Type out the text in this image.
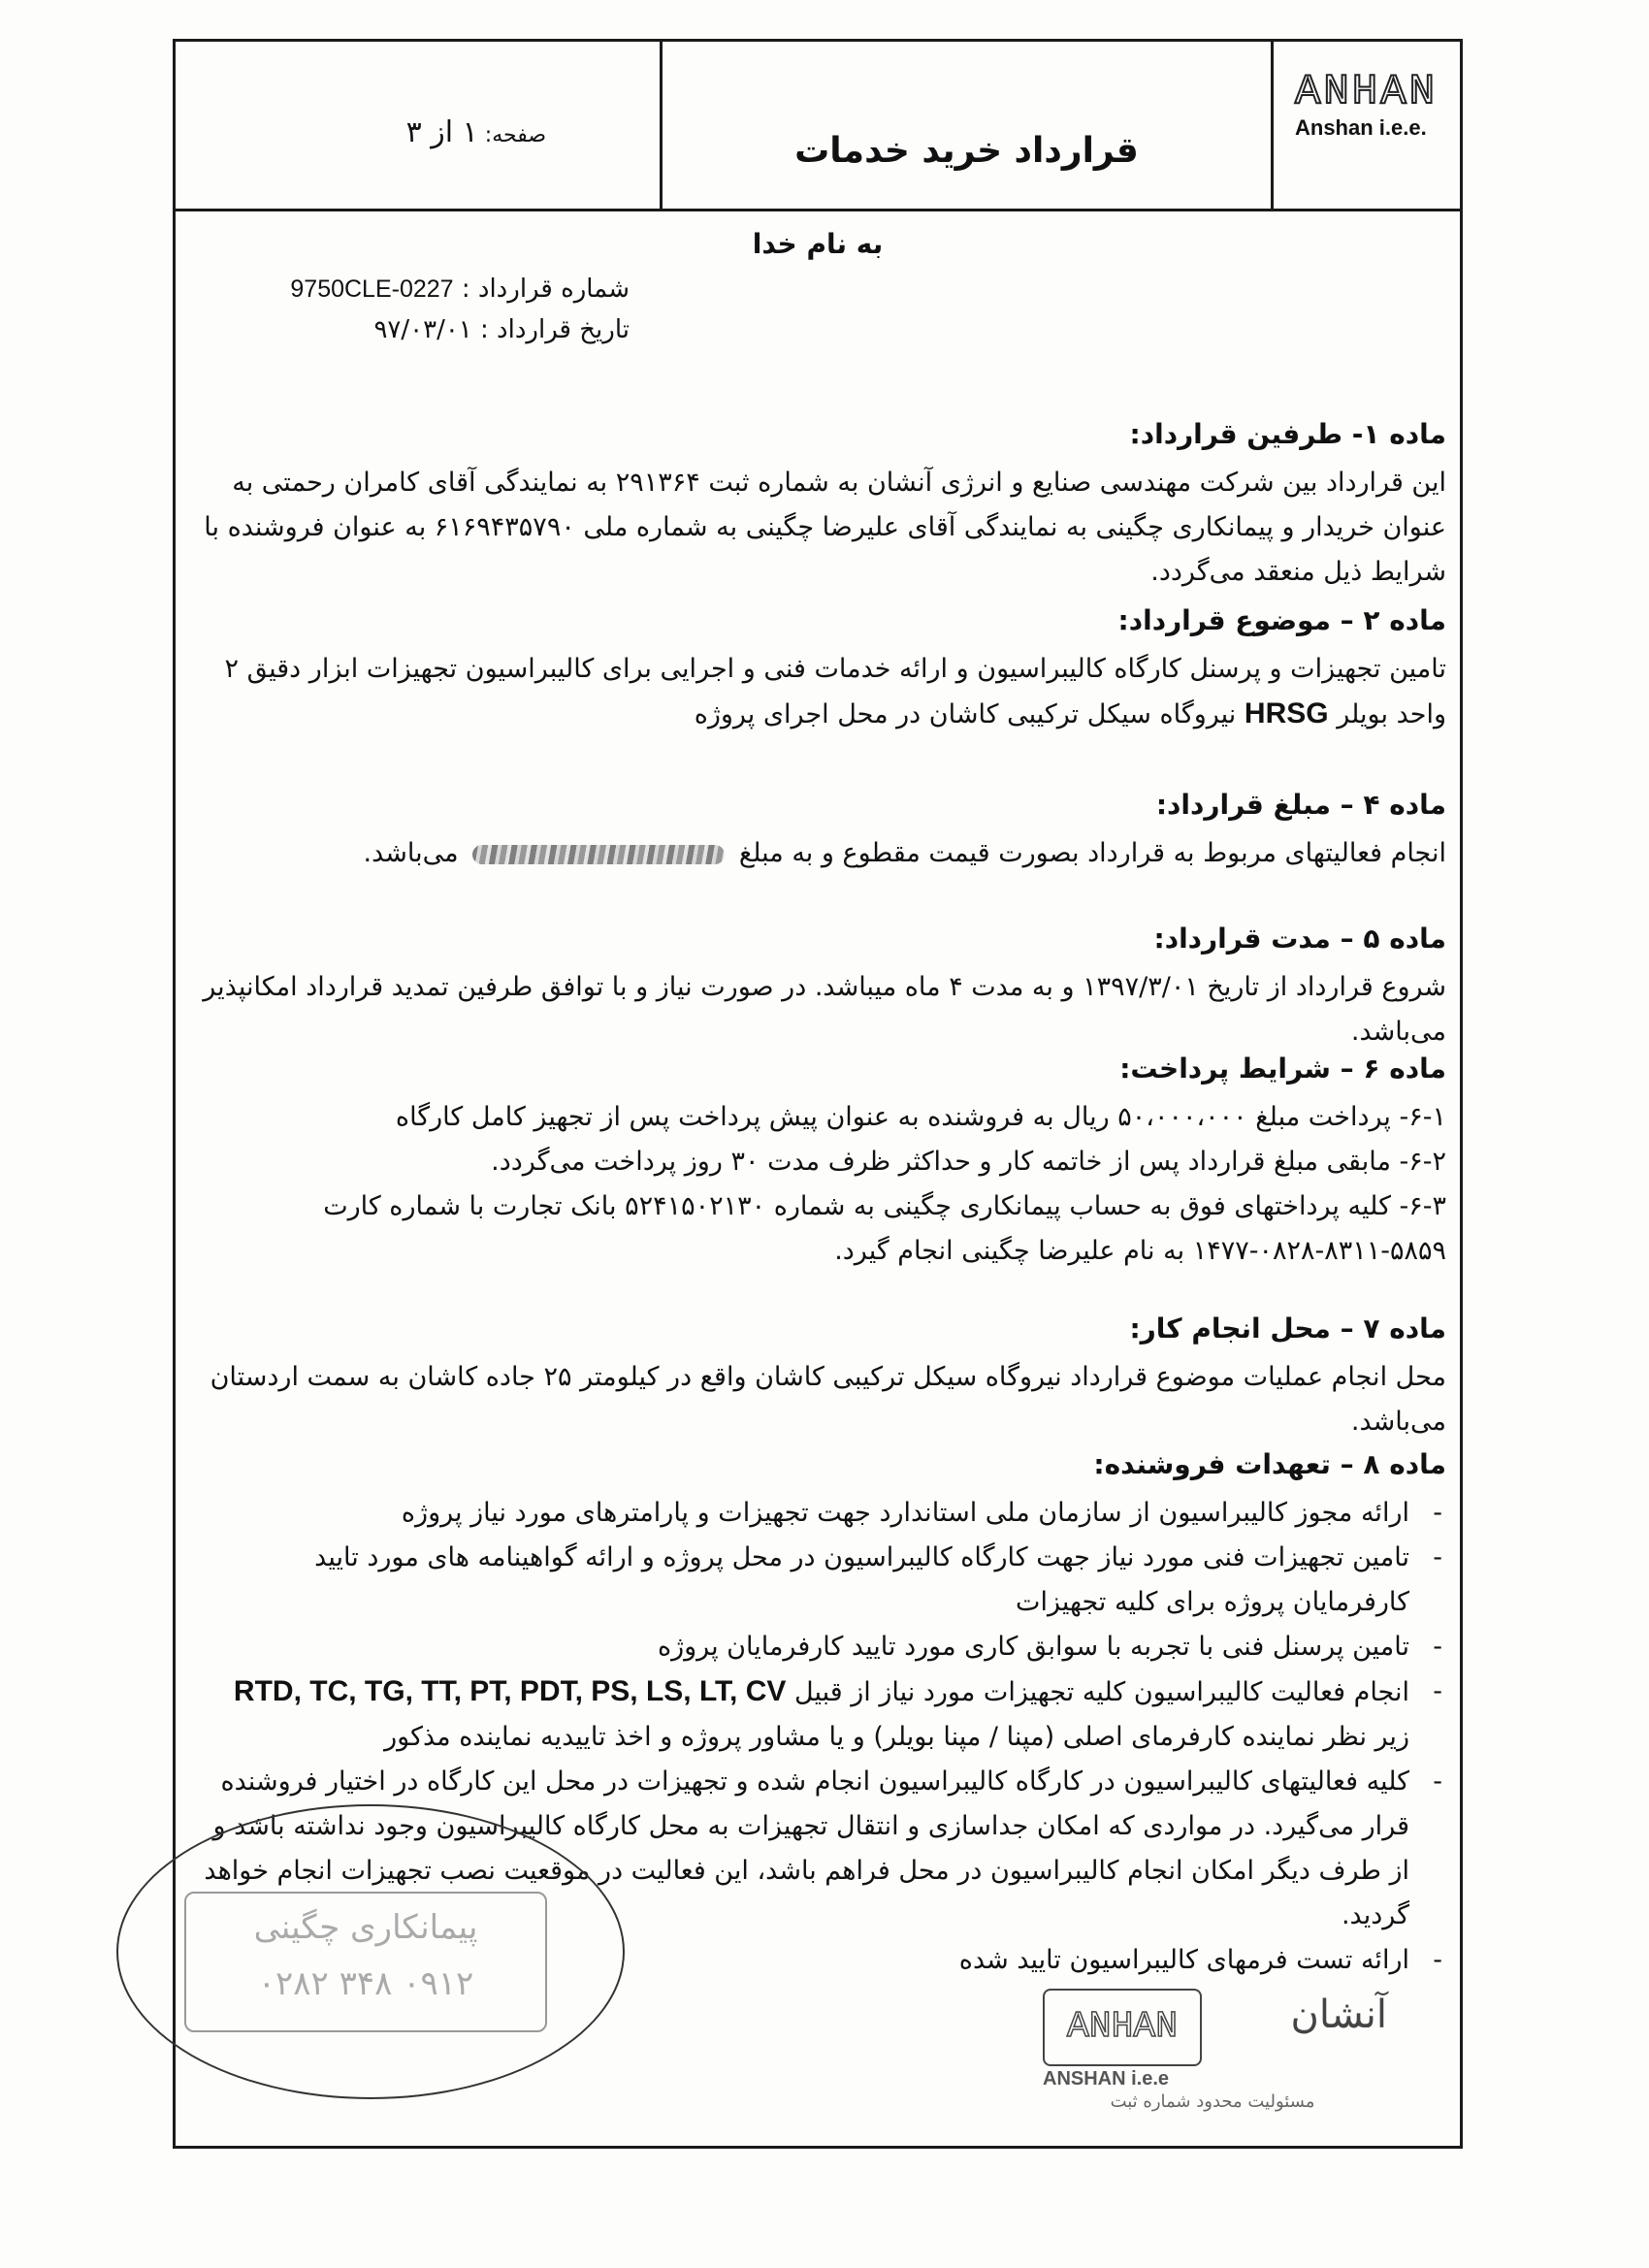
ANHAN
Anshan i.e.e.
قرارداد خرید خدمات
صفحه: ۱ از ۳
به نام خدا
شماره قرارداد : 9750CLE-0227
تاریخ قرارداد : ۹۷/۰۳/۰۱
ماده ۱- طرفین قرارداد:
این قرارداد بین شرکت مهندسی صنایع و انرژی آنشان به شماره ثبت ۲۹۱۳۶۴ به نمایندگی آقای کامران رحمتی به عنوان خریدار و پیمانکاری چگینی به نمایندگی آقای علیرضا چگینی به شماره ملی ۶۱۶۹۴۳۵۷۹۰ به عنوان فروشنده با شرایط ذیل منعقد می‌گردد.
ماده ۲ – موضوع قرارداد:
تامین تجهیزات و پرسنل کارگاه کالیبراسیون و ارائه خدمات فنی و اجرایی برای کالیبراسیون تجهیزات ابزار دقیق ۲ واحد بویلر HRSG نیروگاه سیکل ترکیبی کاشان در محل اجرای پروژه
ماده ۴ – مبلغ قرارداد:
انجام فعالیتهای مربوط به قرارداد بصورت قیمت مقطوع و به مبلغ  می‌باشد.
ماده ۵ – مدت قرارداد:
شروع قرارداد از تاریخ ۱۳۹۷/۳/۰۱ و به مدت ۴ ماه میباشد. در صورت نیاز و با توافق طرفین تمدید قرارداد امکانپذیر می‌باشد.
ماده ۶ – شرایط پرداخت:
۶-۱- پرداخت مبلغ ۵۰،۰۰۰،۰۰۰ ریال به فروشنده به عنوان پیش پرداخت پس از تجهیز کامل کارگاه
۶-۲- مابقی مبلغ قرارداد پس از خاتمه کار و حداکثر ظرف مدت ۳۰ روز پرداخت می‌گردد.
۶-۳- کلیه پرداختهای فوق به حساب پیمانکاری چگینی به شماره ۵۲۴۱۵۰۲۱۳۰ بانک تجارت با شماره کارت ۵۸۵۹-۸۳۱۱-۰۸۲۸-۱۴۷۷ به نام علیرضا چگینی انجام گیرد.
ماده ۷ – محل انجام کار:
محل انجام عملیات موضوع قرارداد نیروگاه سیکل ترکیبی کاشان واقع در کیلومتر ۲۵ جاده کاشان به سمت اردستان می‌باشد.
ماده ۸ – تعهدات فروشنده:
-
ارائه مجوز کالیبراسیون از سازمان ملی استاندارد جهت تجهیزات و پارامترهای مورد نیاز پروژه
-
تامین تجهیزات فنی مورد نیاز جهت کارگاه کالیبراسیون در محل پروژه و ارائه گواهینامه های مورد تایید کارفرمایان پروژه برای کلیه تجهیزات
-
تامین پرسنل فنی با تجربه با سوابق کاری مورد تایید کارفرمایان پروژه
-
انجام فعالیت کالیبراسیون کلیه تجهیزات مورد نیاز از قبیل RTD, TC, TG, TT, PT, PDT, PS, LS, LT, CV زیر نظر نماینده کارفرمای اصلی (مپنا / مپنا بویلر) و یا مشاور پروژه و اخذ تاییدیه نماینده مذکور
-
کلیه فعالیتهای کالیبراسیون در کارگاه کالیبراسیون انجام شده و تجهیزات در محل این کارگاه در اختیار فروشنده قرار می‌گیرد. در مواردی که امکان جداسازی و انتقال تجهیزات به محل کارگاه کالیبراسیون وجود نداشته باشد و از طرف دیگر امکان انجام کالیبراسیون در محل فراهم باشد، این فعالیت در موقعیت نصب تجهیزات انجام خواهد گردید.
-
ارائه تست فرمهای کالیبراسیون تایید شده
پیمانکاری چگینی
۰۹۱۲ ۳۴۸ ۰۲۸۲
ANHAN	آنشان
ANSHAN i.e.e
مسئولیت محدود شماره ثبت
